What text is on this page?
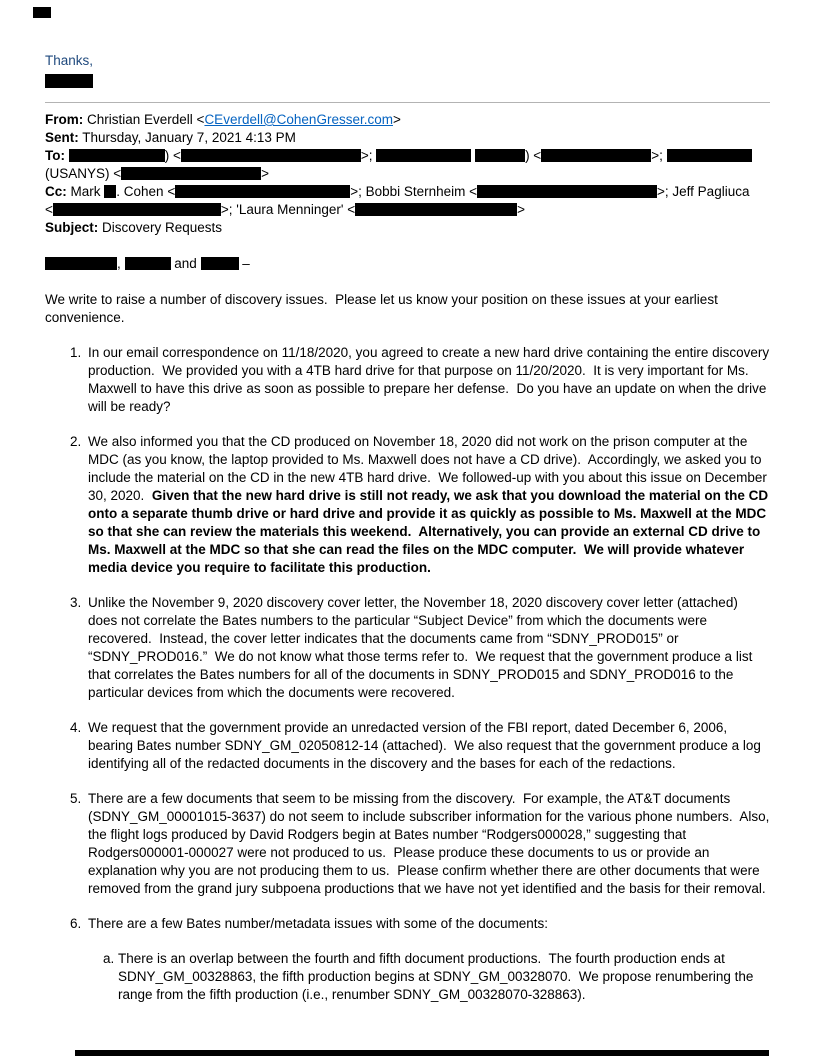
Thanks,
From: Christian Everdell <CEverdell@CohenGresser.com>
Sent: Thursday, January 7, 2021 4:13 PM
To:	) <	>;	) <	>;
(USANYS) <	>
Cc: Mark . Cohen <	>; Bobbi Sternheim <	>; Jeff Pagliuca
<	>; 'Laura Menninger' <	>
Subject: Discovery Requests
,	and	–
We write to raise a number of discovery issues.  Please let us know your position on these issues at your earliest convenience.
1. In our email correspondence on 11/18/2020, you agreed to create a new hard drive containing the entire discovery production.  We provided you with a 4TB hard drive for that purpose on 11/20/2020.  It is very important for Ms. Maxwell to have this drive as soon as possible to prepare her defense.  Do you have an update on when the drive will be ready?
2. We also informed you that the CD produced on November 18, 2020 did not work on the prison computer at the MDC (as you know, the laptop provided to Ms. Maxwell does not have a CD drive).  Accordingly, we asked you to include the material on the CD in the new 4TB hard drive.  We followed-up with you about this issue on December 30, 2020.  Given that the new hard drive is still not ready, we ask that you download the material on the CD onto a separate thumb drive or hard drive and provide it as quickly as possible to Ms. Maxwell at the MDC so that she can review the materials this weekend.  Alternatively, you can provide an external CD drive to Ms. Maxwell at the MDC so that she can read the files on the MDC computer.  We will provide whatever media device you require to facilitate this production.
3. Unlike the November 9, 2020 discovery cover letter, the November 18, 2020 discovery cover letter (attached) does not correlate the Bates numbers to the particular “Subject Device” from which the documents were recovered.  Instead, the cover letter indicates that the documents came from “SDNY_PROD015” or “SDNY_PROD016.”  We do not know what those terms refer to.  We request that the government produce a list that correlates the Bates numbers for all of the documents in SDNY_PROD015 and SDNY_PROD016 to the particular devices from which the documents were recovered.
4. We request that the government provide an unredacted version of the FBI report, dated December 6, 2006, bearing Bates number SDNY_GM_02050812-14 (attached).  We also request that the government produce a log identifying all of the redacted documents in the discovery and the bases for each of the redactions.
5. There are a few documents that seem to be missing from the discovery.  For example, the AT&T documents (SDNY_GM_00001015-3637) do not seem to include subscriber information for the various phone numbers.  Also, the flight logs produced by David Rodgers begin at Bates number “Rodgers000028,” suggesting that Rodgers000001-000027 were not produced to us.  Please produce these documents to us or provide an explanation why you are not producing them to us.  Please confirm whether there are other documents that were removed from the grand jury subpoena productions that we have not yet identified and the basis for their removal.
6. There are a few Bates number/metadata issues with some of the documents:
a. There is an overlap between the fourth and fifth document productions.  The fourth production ends at SDNY_GM_00328863, the fifth production begins at SDNY_GM_00328070.  We propose renumbering the range from the fifth production (i.e., renumber SDNY_GM_00328070-328863).
